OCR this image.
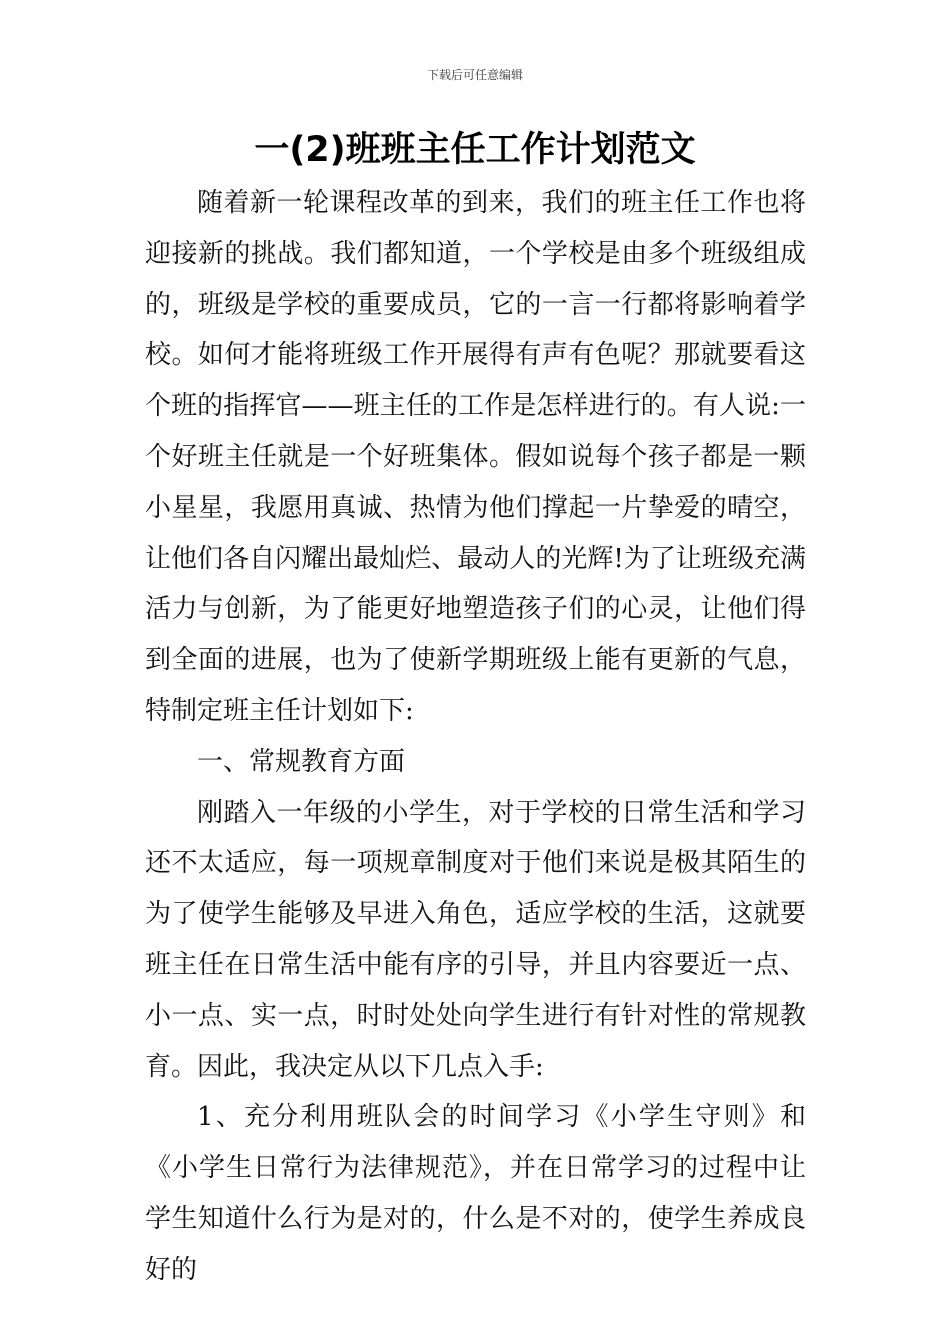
下载后可任意编辑
一(2)班班主任工作计划范文

随着新一轮课程改革的到来，我们的班主任工作也将迎接新的挑战。我们都知道，一个学校是由多个班级组成的，班级是学校的重要成员，它的一言一行都将影响着学校。如何才能将班级工作开展得有声有色呢？那就要看这个班的指挥官——班主任的工作是怎样进行的。有人说:一个好班主任就是一个好班集体。假如说每个孩子都是一颗小星星，我愿用真诚、热情为他们撑起一片挚爱的晴空，让他们各自闪耀出最灿烂、最动人的光辉!为了让班级充满活力与创新，为了能更好地塑造孩子们的心灵，让他们得到全面的进展，也为了使新学期班级上能有更新的气息，特制定班主任计划如下:

一、常规教育方面

刚踏入一年级的小学生，对于学校的日常生活和学习还不太适应，每一项规章制度对于他们来说是极其陌生的为了使学生能够及早进入角色，适应学校的生活，这就要班主任在日常生活中能有序的引导，并且内容要近一点、小一点、实一点，时时处处向学生进行有针对性的常规教育。因此，我决定从以下几点入手:

1、充分利用班队会的时间学习《小学生守则》和《小学生日常行为法律规范》，并在日常学习的过程中让学生知道什么行为是对的，什么是不对的，使学生养成良好的
